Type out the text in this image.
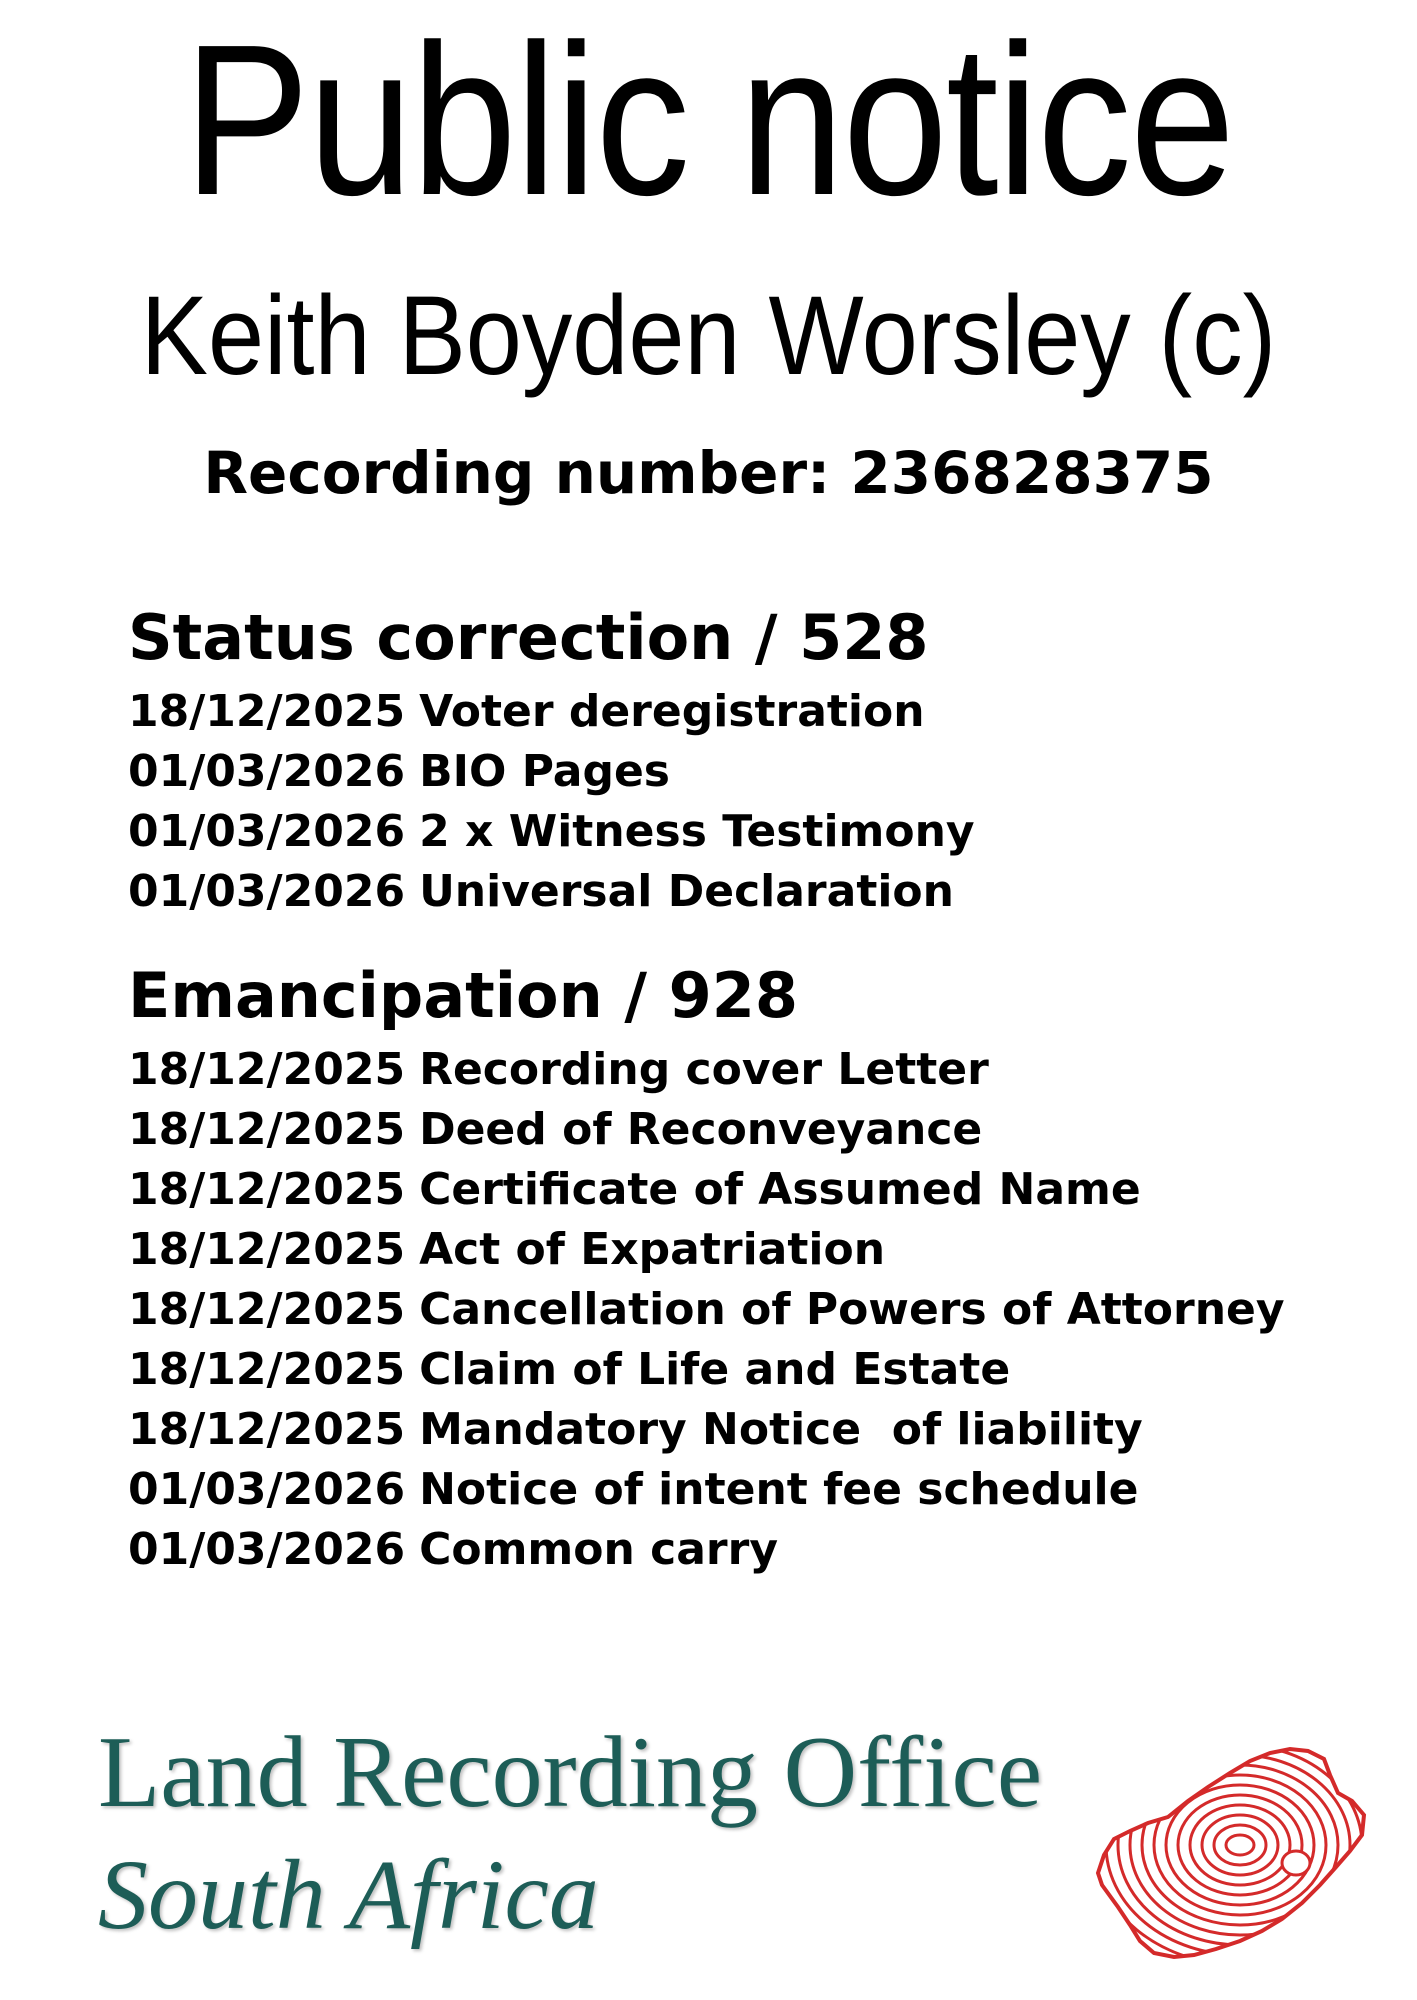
Public notice
Keith Boyden Worsley (c)
Recording number: 236828375
Status correction / 528
18/12/2025 Voter deregistration
01/03/2026 BIO Pages
01/03/2026 2 x Witness Testimony
01/03/2026 Universal Declaration
Emancipation / 928
18/12/2025 Recording cover Letter
18/12/2025 Deed of Reconveyance
18/12/2025 Certificate of Assumed Name
18/12/2025 Act of Expatriation
18/12/2025 Cancellation of Powers of Attorney
18/12/2025 Claim of Life and Estate
18/12/2025 Mandatory Notice  of liability
01/03/2026 Notice of intent fee schedule
01/03/2026 Common carry
Land Recording Office
South Africa
